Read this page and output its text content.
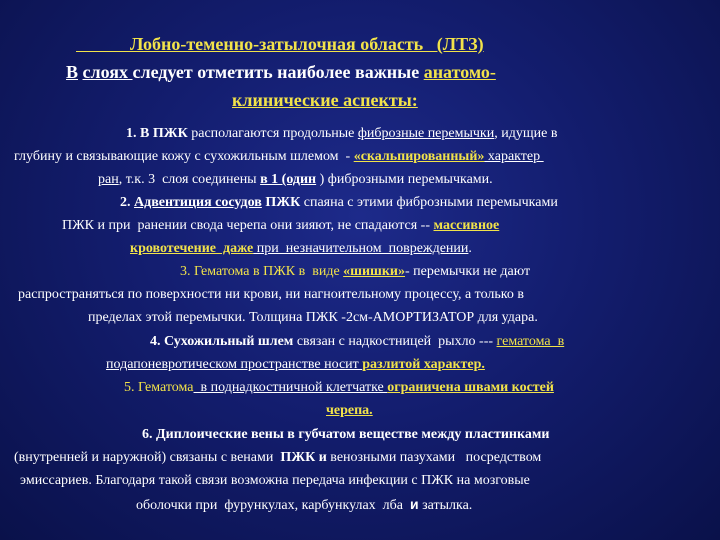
Лобно-теменно-затылочная область   (ЛТЗ)
В слоях следует отметить наиболее важные анатомо-
клинические аспекты:
1. В ПЖК располагаются продольные фиброзные перемычки, идущие в
глубину и связывающие кожу с сухожильным шлемом  - «скальпированный» характер
ран, т.к. 3  слоя соединены в 1 (один ) фиброзными перемычками.
2. Адвентиция сосудов ПЖК спаяна с этими фиброзными перемычками
ПЖК и при  ранении свода черепа они зияют, не спадаются -- массивное
кровотечение  даже при  незначительном  повреждении.
3. Гематома в ПЖК в  виде «шишки»- перемычки не дают
распространяться по поверхности ни крови, ни нагноительному процессу, а только в
пределах этой перемычки. Толщина ПЖК -2см-АМОРТИЗАТОР для удара.
4. Сухожильный шлем связан с надкостницей  рыхло --- гематома  в
подапоневротическом пространстве носит разлитой характер.
5. Гематома  в поднадкостничной клетчатке ограничена швами костей
черепа.
6. Диплоические вены в губчатом веществе между пластинками
(внутренней и наружной) связаны с венами  ПЖК и венозными пазухами   посредством
эмиссариев. Благодаря такой связи возможна передача инфекции с ПЖК на мозговые
оболочки при  фурункулах, карбункулах  лба  и затылка.
